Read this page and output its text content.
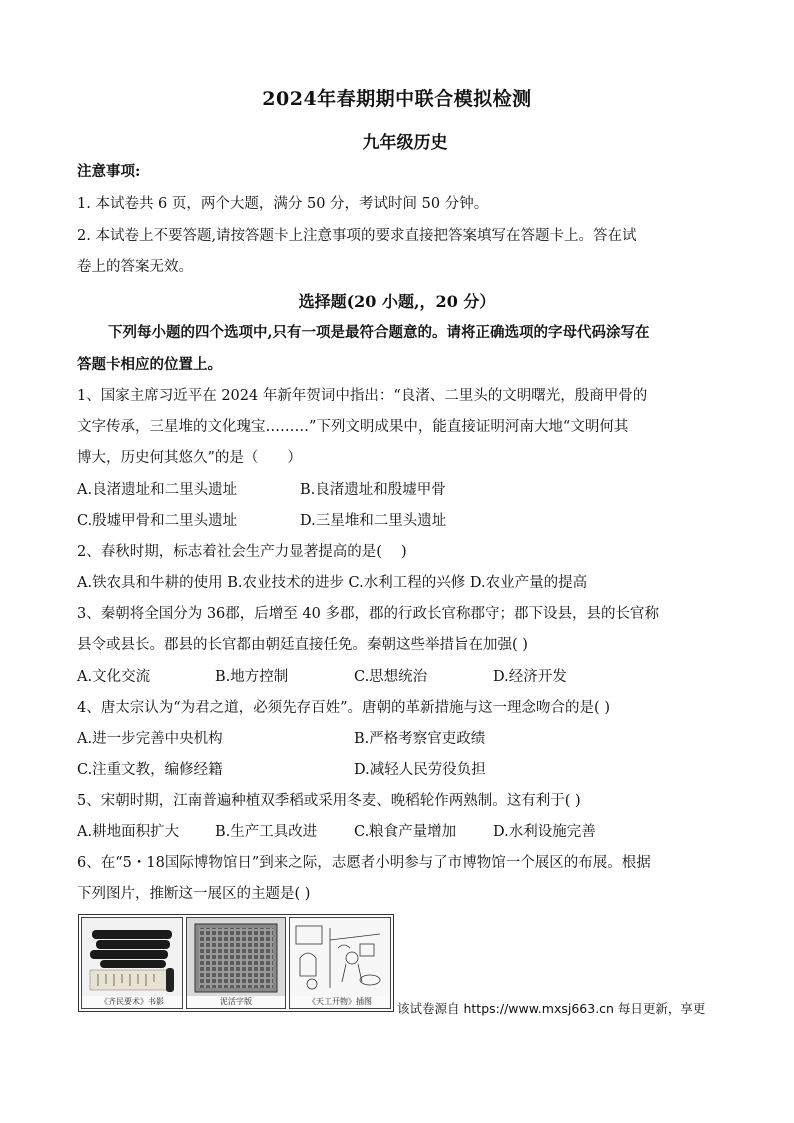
2024年春期期中联合模拟检测
九年级历史
注意事项:
1. 本试卷共 6 页，两个大题，满分 50 分，考试时间 50 分钟。
2. 本试卷上不要答题,请按答题卡上注意事项的要求直接把答案填写在答题卡上。答在试
卷上的答案无效。
选择题(20 小题,，20 分）
下列每小题的四个选项中,只有一项是最符合题意的。请将正确选项的字母代码涂写在
答题卡相应的位置上。
1、国家主席习近平在 2024 年新年贺词中指出：“良渚、二里头的文明曙光，殷商甲骨的
文字传承，三星堆的文化瑰宝………”下列文明成果中，能直接证明河南大地“文明何其
博大，历史何其悠久”的是（　　）
A.良渚遗址和二里头遗址	B.良渚遗址和殷墟甲骨
C.殷墟甲骨和二里头遗址	D.三星堆和二里头遗址
2、春秋时期，标志着社会生产力显著提高的是(　 )
A.铁农具和牛耕的使用 B.农业技术的进步 C.水利工程的兴修 D.农业产量的提高
3、秦朝将全国分为 36郡，后增至 40 多郡，郡的行政长官称郡守；郡下设县，县的长官称
县令或县长。郡县的长官都由朝廷直接任免。秦朝这些举措旨在加强( )
A.文化交流	B.地方控制	C.思想统治	D.经济开发
4、唐太宗认为“为君之道，必须先存百姓”。唐朝的革新措施与这一理念吻合的是( )
A.进一步完善中央机构	B.严格考察官吏政绩
C.注重文教，编修经籍	D.减轻人民劳役负担
5、宋朝时期，江南普遍种植双季稻或采用冬麦、晚稻轮作两熟制。这有利于( )
A.耕地面积扩大 B.生产工具改进	C.粮食产量增加	D.水利设施完善
6、在“5・18国际博物馆日”到来之际，志愿者小明参与了市博物馆一个展区的布展。根据
下列图片，推断这一展区的主题是( )
《齐民要术》书影	泥活字版	《天工开物》插图	该试卷源自 https://www.mxsj663.cn 每日更新，享更
